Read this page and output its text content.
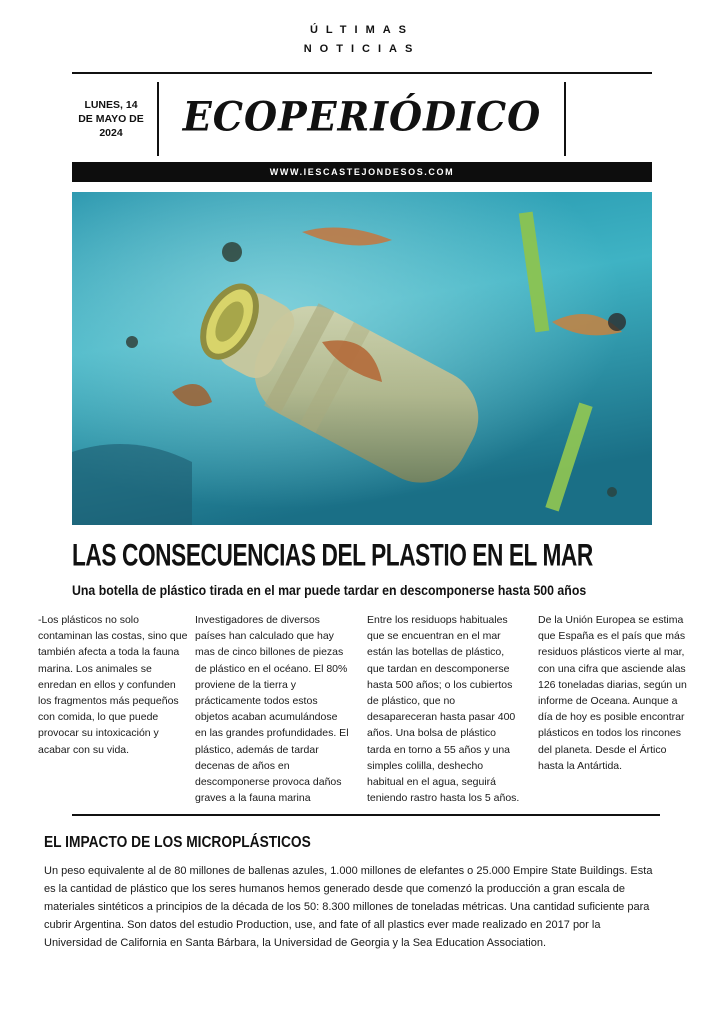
ÚLTIMAS
NOTICIAS
LUNES, 14
DE MAYO DE
2024	ECOPERIÓDICO
WWW.IESCASTEJONDESOS.COM
LAS CONSECUENCIAS DEL PLASTIO EN EL MAR
Una botella de plástico tirada en el mar puede tardar en descomponerse hasta 500 años
-Los plásticos no solo contaminan las costas, sino que también afecta a toda la fauna marina. Los animales se enredan en ellos y confunden los fragmentos más pequeños con comida, lo que puede provocar su intoxicación y acabar con su vida.
Investigadores de diversos países han calculado que hay mas de cinco billones de piezas de plástico en el océano. El 80% proviene de la tierra y prácticamente todos estos objetos acaban acumulándose en las grandes profundidades. El plástico, además de tardar decenas de años en descomponerse provoca daños graves a la fauna marina
Entre los residuops habituales que se encuentran en el mar están las botellas de plástico, que tardan en descomponerse hasta 500 años; o los cubiertos de plástico, que no desapareceran hasta pasar 400 años. Una bolsa de plástico tarda en torno a 55 años y una simples colilla, deshecho habitual en el agua, seguirá teniendo rastro hasta los 5 años.
De la Unión Europea se estima que España es el país que más residuos plásticos vierte al mar, con una cifra que asciende alas 126 toneladas diarias, según un informe de Oceana. Aunque a día de hoy es posible encontrar plásticos en todos los rincones del planeta. Desde el Ártico hasta la Antártida.
EL IMPACTO DE LOS MICROPLÁSTICOS
Un peso equivalente al de 80 millones de ballenas azules, 1.000 millones de elefantes o 25.000 Empire State Buildings. Esta es la cantidad de plástico que los seres humanos hemos generado desde que comenzó la producción a gran escala de materiales sintéticos a principios de la década de los 50: 8.300 millones de toneladas métricas. Una cantidad suficiente para cubrir Argentina. Son datos del estudio Production, use, and fate of all plastics ever made realizado en 2017 por la Universidad de California en Santa Bárbara, la Universidad de Georgia y la Sea Education Association.
